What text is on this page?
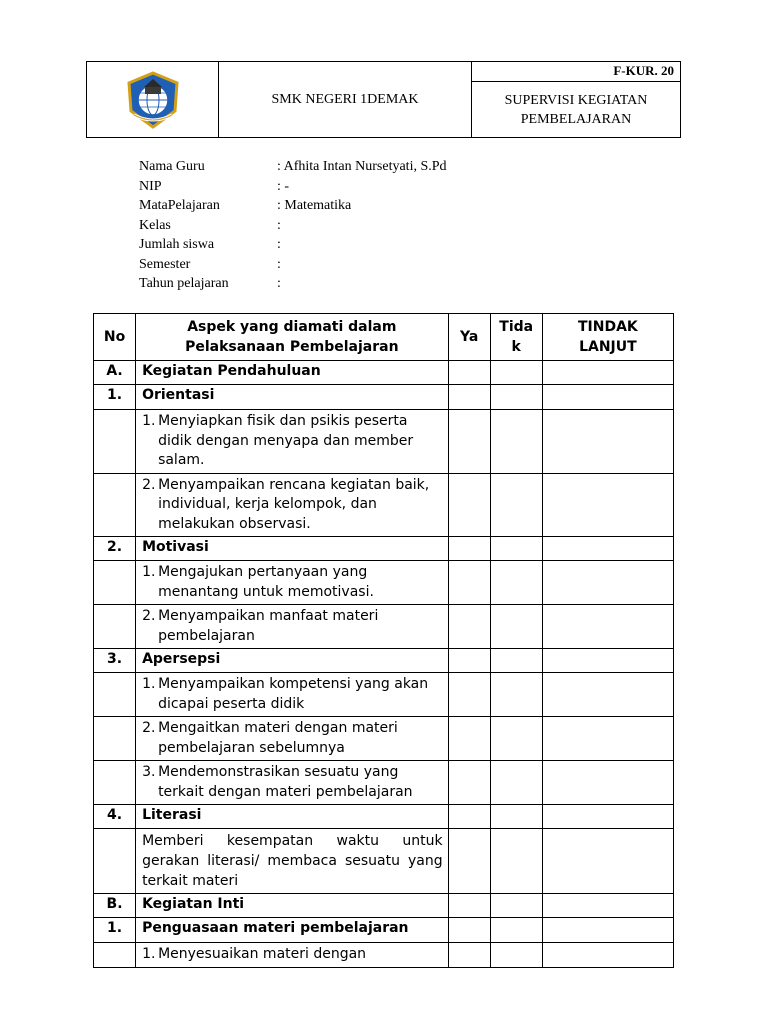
SMK NEGERI 1DEMAK
F-KUR. 20
SUPERVISI KEGIATAN PEMBELAJARAN
Nama Guru	: Afhita Intan Nursetyati, S.Pd
NIP	: -
MataPelajaran	: Matematika
Kelas	:
Jumlah siswa	:
Semester	:
Tahun pelajaran	:
No	Aspek yang diamati dalam Pelaksanaan Pembelajaran	Ya	Tida k	TINDAK LANJUT
A.	Kegiatan Pendahuluan			
1.	Orientasi			

	1. Menyiapkan fisik dan psikis peserta didik dengan menyapa dan member salam.			

	2. Menyampaikan rencana kegiatan baik, individual, kerja kelompok, dan melakukan observasi.			

2.	Motivasi			

	1. Mengajukan pertanyaan yang menantang untuk memotivasi.			

	2. Menyampaikan manfaat materi pembelajaran			

3.	Apersepsi			

	1. Menyampaikan kompetensi yang akan dicapai peserta didik			

	2. Mengaitkan materi dengan materi pembelajaran sebelumnya			

	3. Mendemonstrasikan sesuatu yang terkait dengan materi pembelajaran			

4.	Literasi			
	Memberi kesempatan waktu untuk gerakan literasi/ membaca sesuatu yang terkait materi			
B.	Kegiatan Inti			
1.	Penguasaan materi pembelajaran			

	1. Menyesuaikan materi dengan			
